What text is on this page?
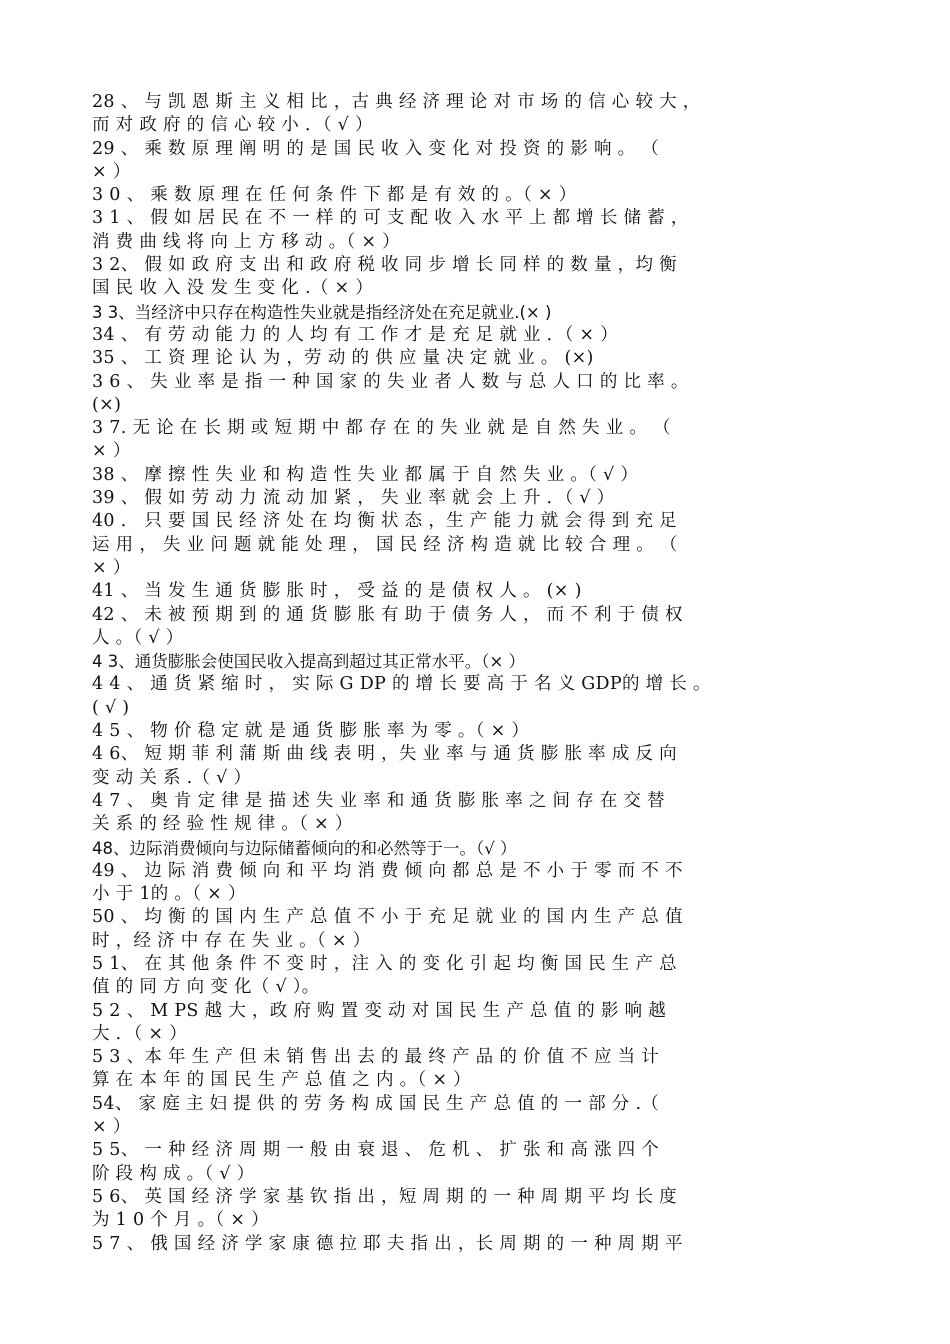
28 、 与 凯 恩 斯 主 义 相 比 ，古 典 经 济 理 论 对 市 场 的 信 心 较 大 ，
而 对 政 府 的 信 心 较 小 ．（ √ ）
29 、 乘 数 原 理 阐 明 的 是 国 民 收 入 变 化 对 投 资 的 影 响 。 （
× ）
3 0 、 乘 数 原 理 在 任 何 条 件 下 都 是 有 效 的 。（ × ）
3 1 、 假 如 居 民 在 不 一 样 的 可 支 配 收 入 水 平 上 都 增 长 储 蓄 ，
消 费 曲 线 将 向 上 方 移 动 。（ × ）
3 2、 假 如 政 府 支 出 和 政 府 税 收 同 步 增 长 同 样 的 数 量 ，均 衡
国 民 收 入 没 发 生 变 化 .（ × ）
3 3、当经济中只存在构造性失业就是指经济处在充足就业.(× )
34 、 有 劳 动 能 力 的 人 均 有 工 作 才 是 充 足 就 业 ．（ × ）
35 、 工 资 理 论 认 为 ，劳 动 的 供 应 量 决 定 就 业 。 (×)
3 6 、 失 业 率 是 指 一 种 国 家 的 失 业 者 人 数 与 总 人 口 的 比 率 。
(×)
3 7. 无 论 在 长 期 或 短 期 中 都 存 在 的 失 业 就 是 自 然 失 业 。 （
× ）
38 、 摩 擦 性 失 业 和 构 造 性 失 业 都 属 于 自 然 失 业 。（ √ ）
39 、 假 如 劳 动 力 流 动 加 紧 ， 失 业 率 就 会 上 升 ．（ √ ）
40 ． 只 要 国 民 经 济 处 在 均 衡 状 态 ，生 产 能 力 就 会 得 到 充 足
运 用 ， 失 业 问 题 就 能 处 理 ， 国 民 经 济 构 造 就 比 较 合 理 。 （
× ）
41 、 当 发 生 通 货 膨 胀 时 ， 受 益 的 是 债 权 人 。 (× )
42 、 未 被 预 期 到 的 通 货 膨 胀 有 助 于 债 务 人 ， 而 不 利 于 债 权
人 。（ √ ）
4 3、通货膨胀会使国民收入提高到超过其正常水平。（× ）
4 4 、 通 货 紧 缩 时 ， 实 际 G DP 的 增 长 要 高 于 名 义 GDP的 增 长 。
( √ )
4 5 、 物 价 稳 定 就 是 通 货 膨 胀 率 为 零 。（ × ）
4 6、 短 期 菲 利 蒲 斯 曲 线 表 明 ，失 业 率 与 通 货 膨 胀 率 成 反 向
变 动 关 系 .（ √ ）
4 7 、 奥 肯 定 律 是 描 述 失 业 率 和 通 货 膨 胀 率 之 间 存 在 交 替
关 系 的 经 验 性 规 律 。（ × ）
48、边际消费倾向与边际储蓄倾向的和必然等于一。（√ ）
49 、 边 际 消 费 倾 向 和 平 均 消 费 倾 向 都 总 是 不 小 于 零 而 不 不
小 于 1的 。（ × ）
50 、 均 衡 的 国 内 生 产 总 值 不 小 于 充 足 就 业 的 国 内 生 产 总 值
时 ，经 济 中 存 在 失 业 。（ × ）
5 1、 在 其 他 条 件 不 变 时 ，注 入 的 变 化 引 起 均 衡 国 民 生 产 总
值 的 同 方 向 变 化（ √ ）。
5 2 、 M PS 越 大 ，政 府 购 置 变 动 对 国 民 生 产 总 值 的 影 响 越
大 ．（ × ）
5 3 、本 年 生 产 但 未 销 售 出 去 的 最 终 产 品 的 价 值 不 应 当 计
算 在 本 年 的 国 民 生 产 总 值 之 内 。（ × ）
54、 家 庭 主 妇 提 供 的 劳 务 构 成 国 民 生 产 总 值 的 一 部 分 .（
× ）
5 5、 一 种 经 济 周 期 一 般 由 衰 退 、 危 机 、 扩 张 和 高 涨 四 个
阶 段 构 成 。（ √ ）
5 6、 英 国 经 济 学 家 基 钦 指 出 ，短 周 期 的 一 种 周 期 平 均 长 度
为 1 0 个 月 。（ × ）
5 7 、 俄 国 经 济 学 家 康 德 拉 耶 夫 指 出 ，长 周 期 的 一 种 周 期 平
